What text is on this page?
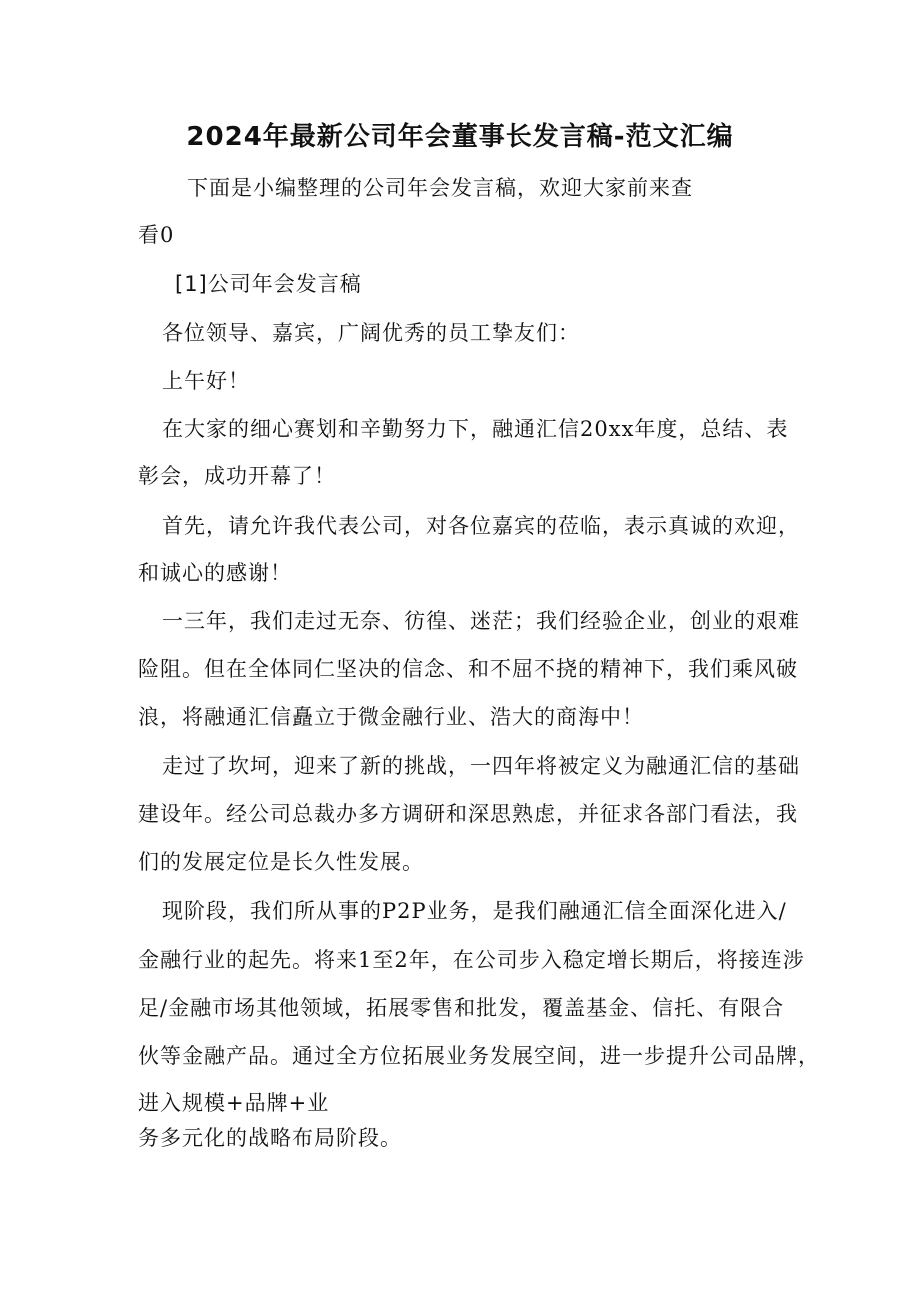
2024年最新公司年会董事长发言稿-范文汇编

下面是小编整理的公司年会发言稿，欢迎大家前来查

看0

[1]公司年会发言稿

各位领导、嘉宾，广阔优秀的员工挚友们：

上午好！

在大家的细心赛划和辛勤努力下，融通汇信20xx年度，总结、表

彰会，成功开幕了！

首先，请允许我代表公司，对各位嘉宾的莅临，表示真诚的欢迎，

和诚心的感谢！

一三年，我们走过无奈、彷徨、迷茫；我们经验企业，创业的艰难

险阻。但在全体同仁坚决的信念、和不屈不挠的精神下，我们乘风破

浪，将融通汇信矗立于微金融行业、浩大的商海中！

走过了坎坷，迎来了新的挑战，一四年将被定义为融通汇信的基础

建设年。经公司总裁办多方调研和深思熟虑，并征求各部门看法，我

们的发展定位是长久性发展。

现阶段，我们所从事的P2P业务，是我们融通汇信全面深化进入/

金融行业的起先。将来1至2年，在公司步入稳定增长期后，将接连涉

足/金融市场其他领域，拓展零售和批发，覆盖基金、信托、有限合

伙等金融产品。通过全方位拓展业务发展空间，进一步提升公司品牌，

进入规模+品牌+业

务多元化的战略布局阶段。
